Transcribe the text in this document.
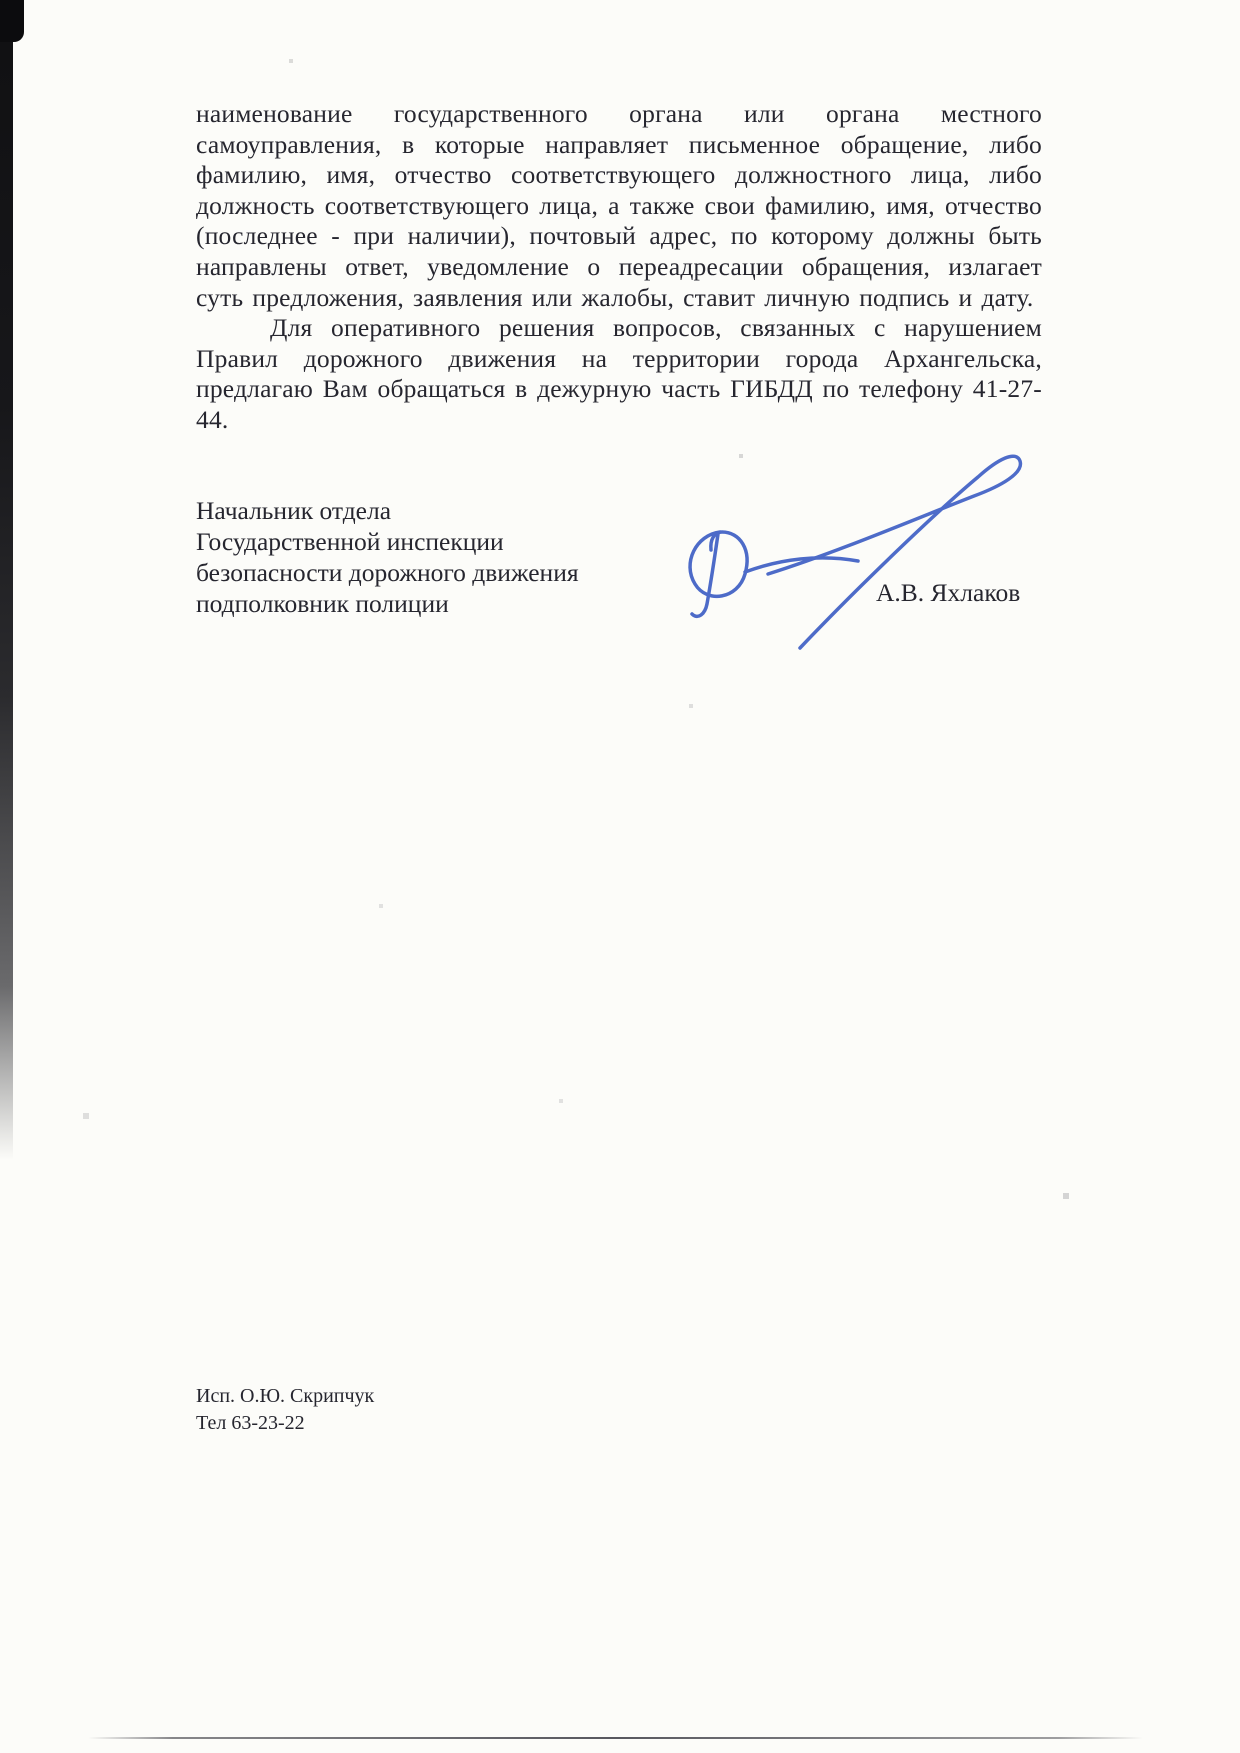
наименование государственного органа или органа местного самоуправления, в которые направляет письменное обращение, либо фамилию, имя, отчество соответствующего должностного лица, либо должность соответствующего лица, а также свои фамилию, имя, отчество (последнее - при наличии), почтовый адрес, по которому должны быть направлены ответ, уведомление о переадресации обращения, излагает суть предложения, заявления или жалобы, ставит личную подпись и дату.

Для оперативного решения вопросов, связанных с нарушением Правил дорожного движения на территории города Архангельска, предлагаю Вам обращаться в дежурную часть ГИБДД по телефону 41-27-44.

Начальник отдела
Государственной инспекции
безопасности дорожного движения
подполковник полиции	А.В. Яхлаков
Исп. О.Ю. Скрипчук
Тел 63-23-22
